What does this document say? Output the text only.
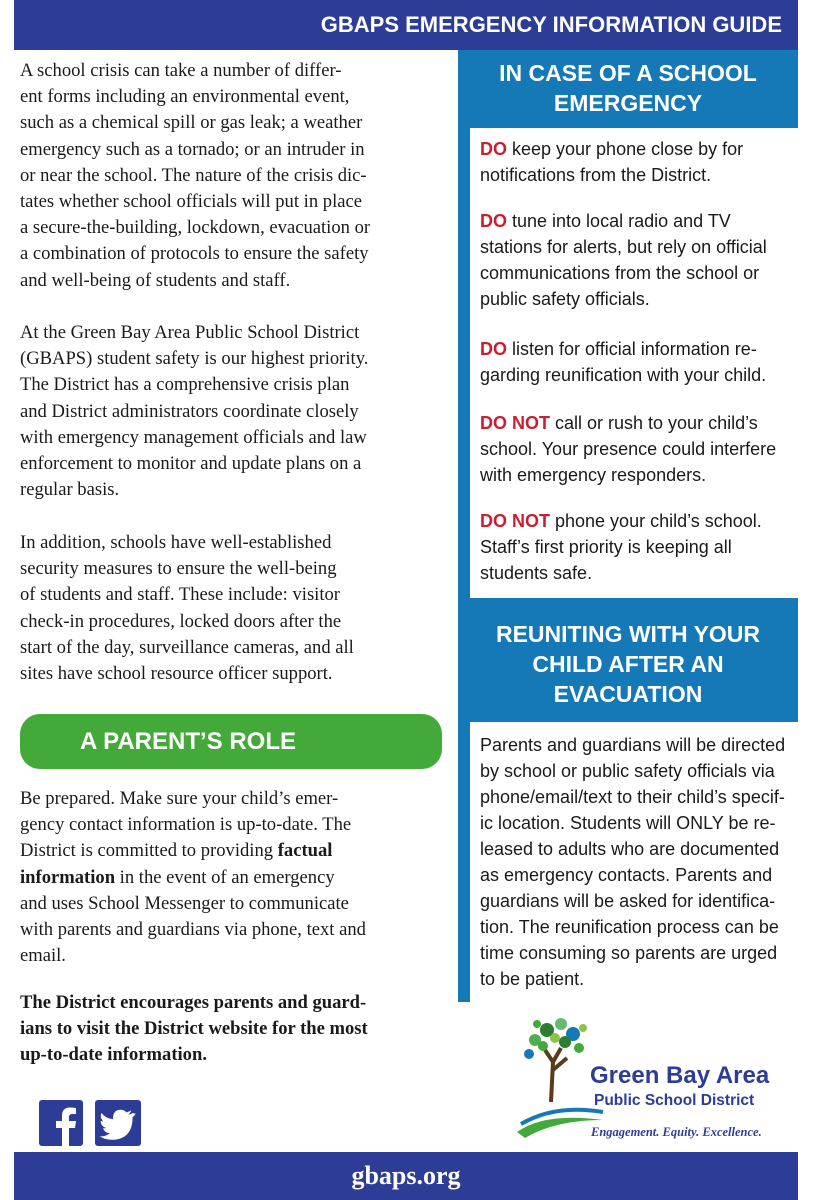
GBAPS EMERGENCY INFORMATION GUIDE

A school crisis can take a number of differ-
ent forms including an environmental event,
such as a chemical spill or gas leak; a weather
emergency such as a tornado; or an intruder in
or near the school. The nature of the crisis dic-
tates whether school officials will put in place
a secure-the-building, lockdown, evacuation or
a combination of protocols to ensure the safety
and well-being of students and staff.

At the Green Bay Area Public School District
(GBAPS) student safety is our highest priority.
The District has a comprehensive crisis plan
and District administrators coordinate closely
with emergency management officials and law
enforcement to monitor and update plans on a
regular basis.

In addition, schools have well-established
security measures to ensure the well-being
of students and staff. These include: visitor
check-in procedures, locked doors after the
start of the day, surveillance cameras, and all
sites have school resource officer support.

Be prepared. Make sure your child’s emer-
gency contact information is up-to-date. The
District is committed to providing factual
information in the event of an emergency
and uses School Messenger to communicate
with parents and guardians via phone, text and
email.

The District encourages parents and guard-
ians to visit the District website for the most
up-to-date information.

A PARENT’S ROLE
IN CASE OF A SCHOOL
EMERGENCY
DO keep your phone close by for
notifications from the District.
DO tune into local radio and TV
stations for alerts, but rely on official
communications from the school or
public safety officials.
DO listen for official information re-
garding reunification with your child.
DO NOT call or rush to your child’s
school. Your presence could interfere
with emergency responders.
DO NOT phone your child’s school.
Staff’s first priority is keeping all
students safe.
REUNITING WITH YOUR
CHILD AFTER AN
EVACUATION
Parents and guardians will be directed
by school or public safety officials via
phone/email/text to their child’s specif-
ic location. Students will ONLY be re-
leased to adults who are documented
as emergency contacts. Parents and
guardians will be asked for identifica-
tion. The reunification process can be
time consuming so parents are urged
to be patient.
Green Bay Area
Public School District
Engagement. Equity. Excellence.
gbaps.org
